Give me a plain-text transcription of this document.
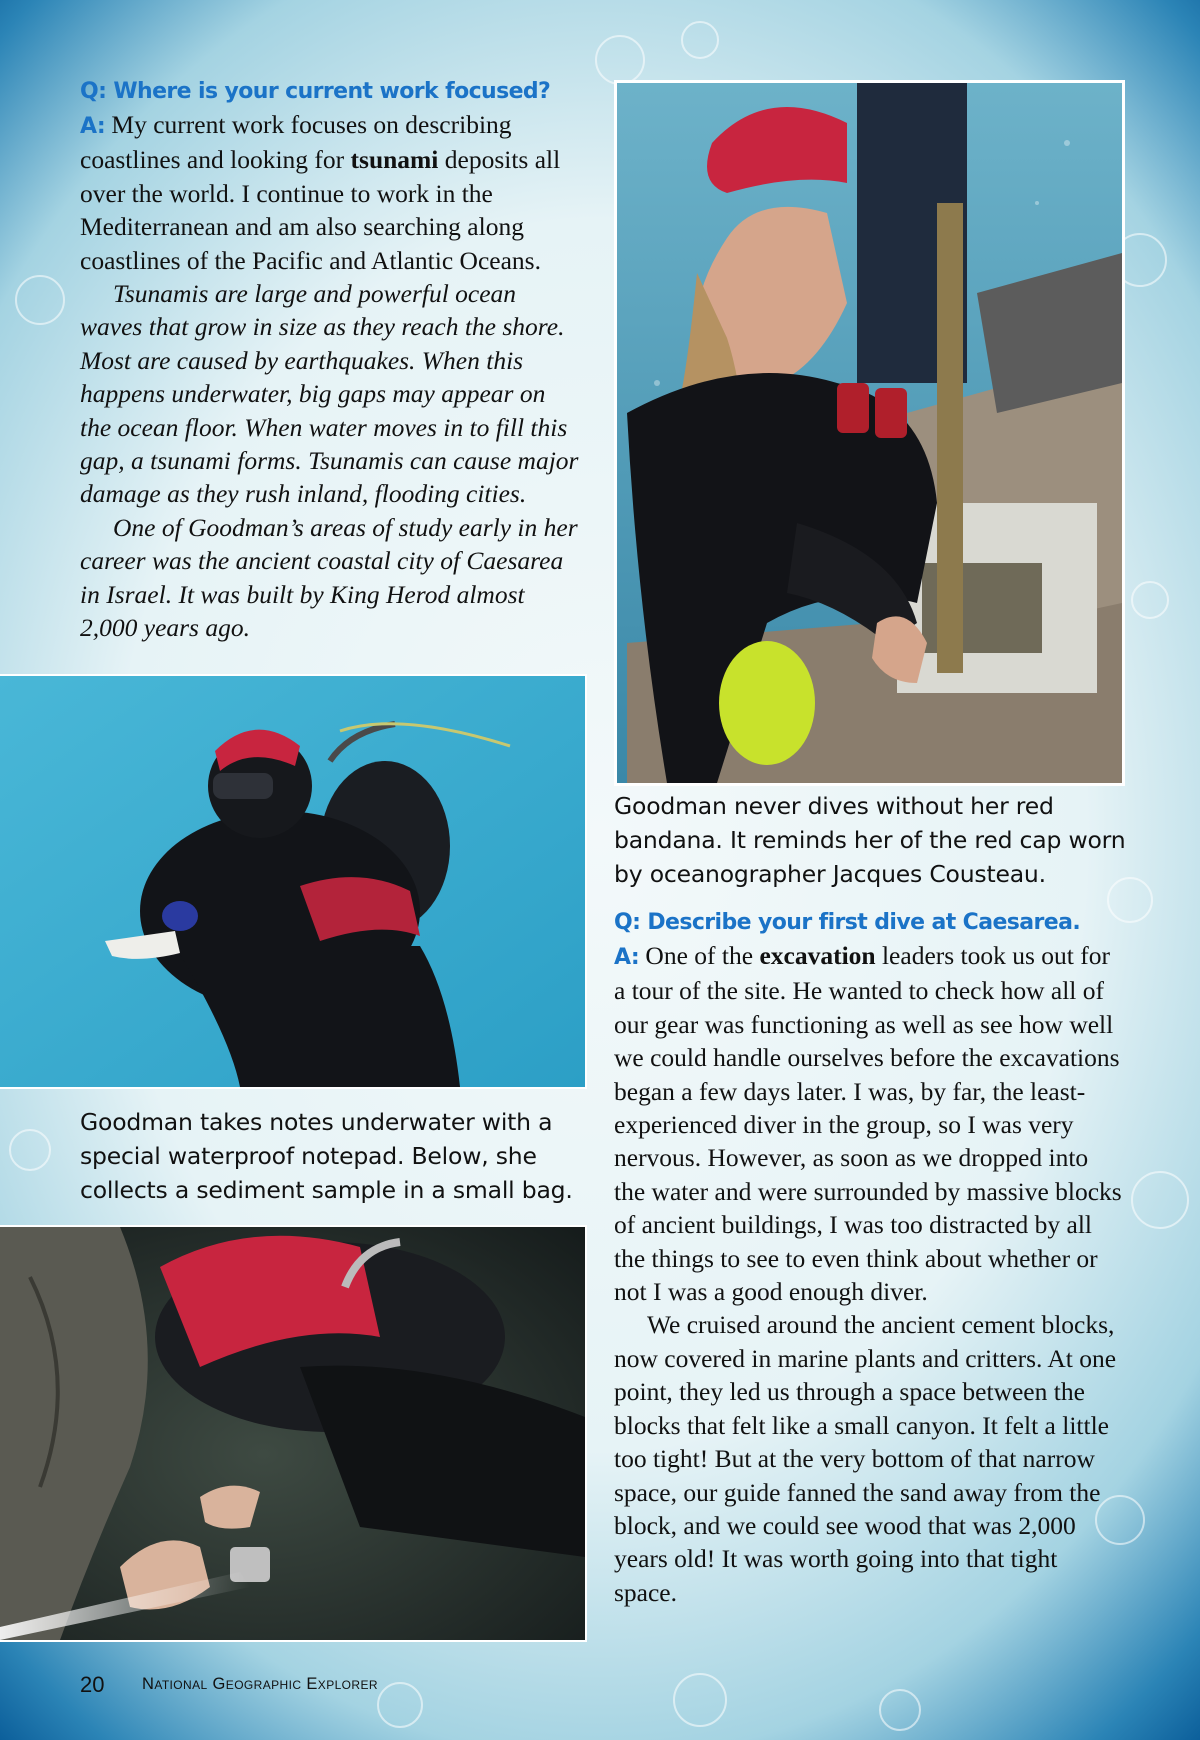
Q: Where is your current work focused?

A: My current work focuses on describing coastlines and looking for tsunami deposits all over the world. I continue to work in the Mediterranean and am also searching along coastlines of the Pacific and Atlantic Oceans.

Tsunamis are large and powerful ocean waves that grow in size as they reach the shore. Most are caused by earthquakes. When this happens underwater, big gaps may appear on the ocean floor. When water moves in to fill this gap, a tsunami forms. Tsunamis can cause major damage as they rush inland, flooding cities.

One of Goodman’s areas of study early in her career was the ancient coastal city of Caesarea in Israel. It was built by King Herod almost 2,000 years ago.

Goodman takes notes underwater with a special waterproof notepad. Below, she collects a sediment sample in a small bag.
Goodman never dives without her red bandana. It reminds her of the red cap worn by oceanographer Jacques Cousteau.

Q: Describe your first dive at Caesarea.

A: One of the excavation leaders took us out for a tour of the site. He wanted to check how all of our gear was functioning as well as see how well we could handle ourselves before the excavations began a few days later. I was, by far, the least-experienced diver in the group, so I was very nervous. However, as soon as we dropped into the water and were surrounded by massive blocks of ancient buildings, I was too distracted by all the things to see to even think about whether or not I was a good enough diver.

We cruised around the ancient cement blocks, now covered in marine plants and critters. At one point, they led us through a space between the blocks that felt like a small canyon. It felt a little too tight! But at the very bottom of that narrow space, our guide fanned the sand away from the block, and we could see wood that was 2,000 years old! It was worth going into that tight space.

20 National Geographic Explorer
